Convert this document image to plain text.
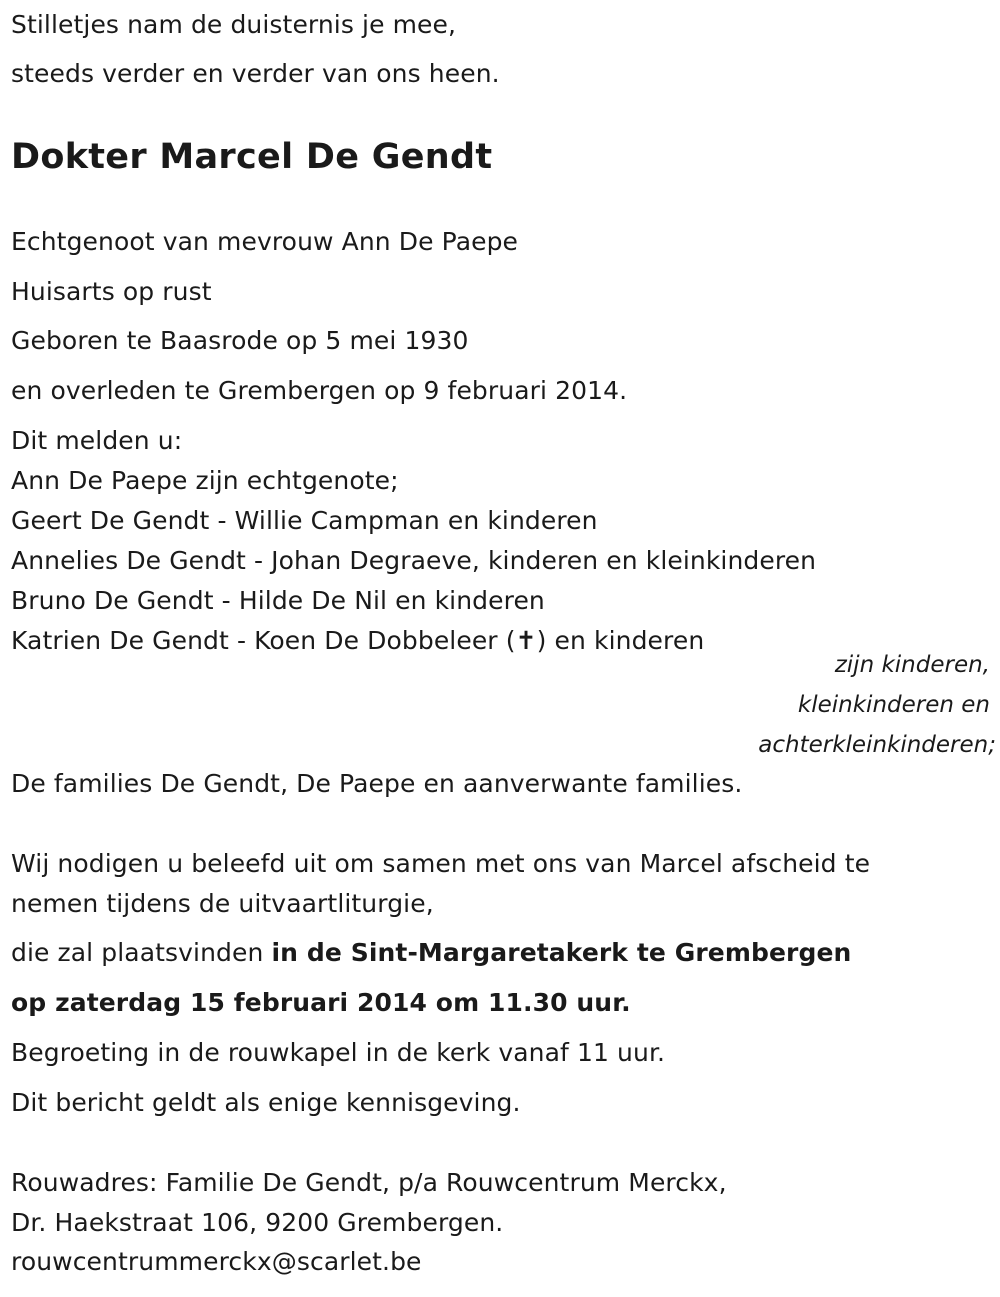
Stilletjes nam de duisternis je mee,

steeds verder en verder van ons heen.

Dokter Marcel De Gendt

Echtgenoot van mevrouw Ann De Paepe

Huisarts op rust

Geboren te Baasrode op 5 mei 1930

en overleden te Grembergen op 9 februari 2014.

Dit melden u:

Ann De Paepe zijn echtgenote;

Geert De Gendt - Willie Campman en kinderen

Annelies De Gendt - Johan Degraeve, kinderen en kleinkinderen

Bruno De Gendt - Hilde De Nil en kinderen

Katrien De Gendt - Koen De Dobbeleer (✝) en kinderen

zijn kinderen,

kleinkinderen en

achterkleinkinderen;

De families De Gendt, De Paepe en aanverwante families.

Wij nodigen u beleefd uit om samen met ons van Marcel afscheid te

nemen tijdens de uitvaartliturgie,

die zal plaatsvinden in de Sint-Margaretakerk te Grembergen

op zaterdag 15 februari 2014 om 11.30 uur.

Begroeting in de rouwkapel in de kerk vanaf 11 uur.

Dit bericht geldt als enige kennisgeving.

Rouwadres: Familie De Gendt, p/a Rouwcentrum Merckx,

Dr. Haekstraat 106, 9200 Grembergen.

rouwcentrummerckx@scarlet.be
